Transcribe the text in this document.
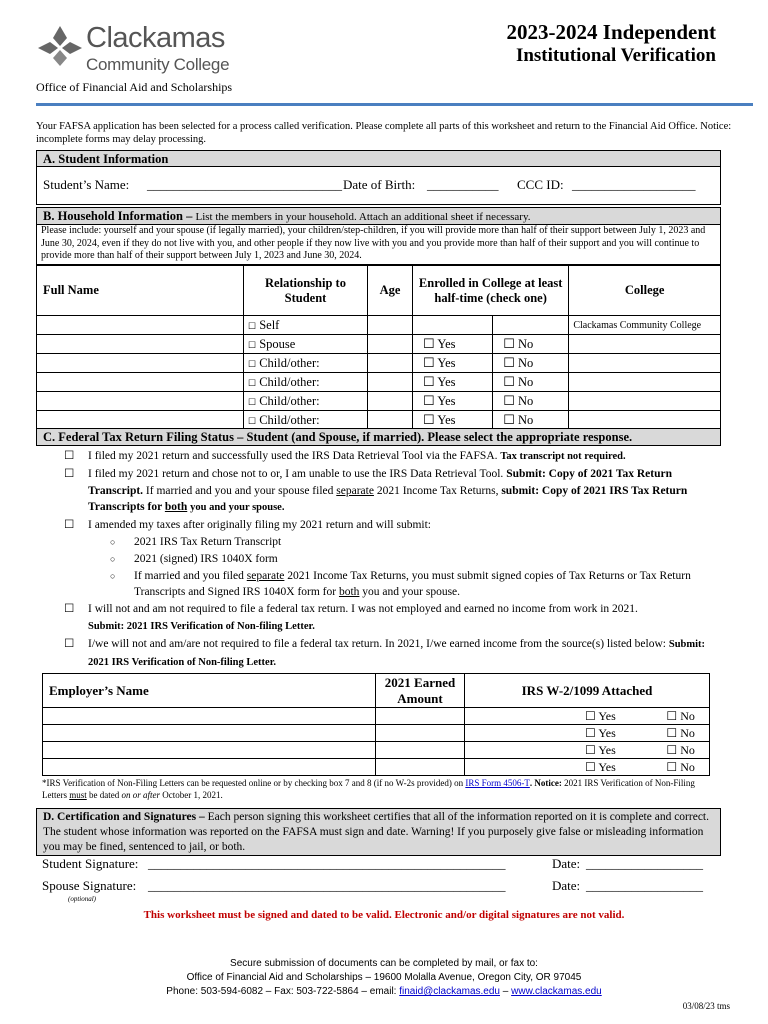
Clackamas
Community College
Office of Financial Aid and Scholarships
2023-2024 Independent
Institutional Verification
Your FAFSA application has been selected for a process called verification. Please complete all parts of this worksheet and return to the Financial Aid Office. Notice: incomplete forms may delay processing.
A. Student Information
Student’s Name: ______________________________ Date of Birth: ___________ CCC ID: ___________________
B. Household Information – List the members in your household. Attach an additional sheet if necessary.
Please include: yourself and your spouse (if legally married), your children/step-children, if you will provide more than half of their support between July 1, 2023 and June 30, 2024, even if they do not live with you, and other people if they now live with you and you provide more than half of their support and you will continue to provide more than half of their support between July 1, 2023 and June 30, 2024.
Full Name	Relationship to Student	Age	Enrolled in College at least half-time (check one)		College
	☐ Self				Clackamas Community College
	☐ Spouse		☐ Yes	☐ No	
	☐ Child/other:		☐ Yes	☐ No	
	☐ Child/other:		☐ Yes	☐ No	
	☐ Child/other:		☐ Yes	☐ No	
	☐ Child/other:		☐ Yes	☐ No	
C. Federal Tax Return Filing Status – Student (and Spouse, if married). Please select the appropriate response.
☐	I filed my 2021 return and successfully used the IRS Data Retrieval Tool via the FAFSA. Tax transcript not required.
☐	I filed my 2021 return and chose not to or, I am unable to use the IRS Data Retrieval Tool. Submit: Copy of 2021 Tax Return Transcript. If married and you and your spouse filed separate 2021 Income Tax Returns, submit: Copy of 2021 IRS Tax Return Transcripts for both you and your spouse.
☐	I amended my taxes after originally filing my 2021 return and will submit:
○	2021 IRS Tax Return Transcript
○	2021 (signed) IRS 1040X form
○	If married and you filed separate 2021 Income Tax Returns, you must submit signed copies of Tax Returns or Tax Return Transcripts and Signed IRS 1040X form for both you and your spouse.
☐	I will not and am not required to file a federal tax return. I was not employed and earned no income from work in 2021.
Submit: 2021 IRS Verification of Non-filing Letter.
☐	I/we will not and am/are not required to file a federal tax return. In 2021, I/we earned income from the source(s) listed below: Submit: 2021 IRS Verification of Non-filing Letter.
Employer’s Name	2021 Earned Amount	IRS W-2/1099 Attached	
		☐ Yes	☐ No
		☐ Yes	☐ No
		☐ Yes	☐ No
		☐ Yes	☐ No
*IRS Verification of Non-Filing Letters can be requested online or by checking box 7 and 8 (if no W-2s provided) on IRS Form 4506-T. Notice: 2021 IRS Verification of Non-Filing Letters must be dated on or after October 1, 2021.
D. Certification and Signatures – Each person signing this worksheet certifies that all of the information reported on it is complete and correct. The student whose information was reported on the FAFSA must sign and date. Warning! If you purposely give false or misleading information you may be fined, sentenced to jail, or both.
Student Signature: _______________________________________________________	Date: __________________
Spouse Signature: _______________________________________________________	Date: __________________
(optional)
This worksheet must be signed and dated to be valid. Electronic and/or digital signatures are not valid.
Secure submission of documents can be completed by mail, or fax to:
Office of Financial Aid and Scholarships – 19600 Molalla Avenue, Oregon City, OR 97045
Phone: 503-594-6082 – Fax: 503-722-5864 – email: finaid@clackamas.edu – www.clackamas.edu
03/08/23 tms
